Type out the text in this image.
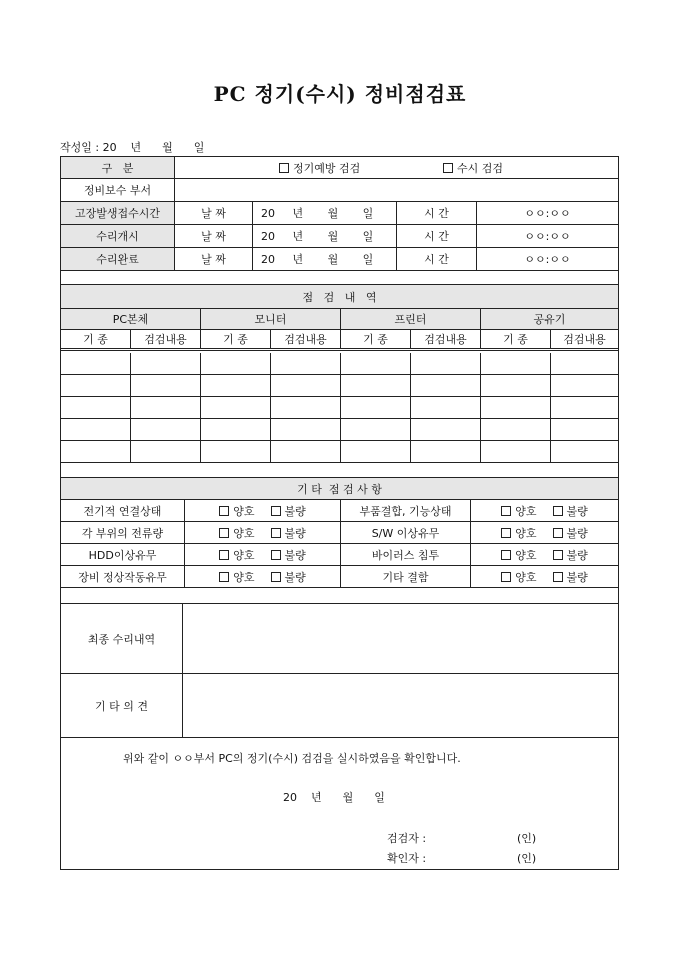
PC 정기(수시) 정비점검표
작성일 : 20    년      월      일
구   분	정기예방 검검	수시 검검
정비보수 부서
고장발생접수시간	날 짜	20     년       월       일	시 간	ㅇㅇ:ㅇㅇ
수리개시	날 짜	20     년       월       일	시 간	ㅇㅇ:ㅇㅇ
수리완료	날 짜	20     년       월       일	시 간	ㅇㅇ:ㅇㅇ
점   검   내   역
PC본체	모니터	프린터	공유기
기 종	검검내용	기 종	검검내용	기 종	검검내용	기 종	검검내용
기 타  점 검 사 항
전기적 연결상태	양호	불량	부품결합, 기능상태	양호	불량
각 부위의 전류량	양호	불량	S/W 이상유무	양호	불량
HDD이상유무	양호	불량	바이러스 침투	양호	불량
장비 정상작동유무	양호	불량	기타 결함	양호	불량
최종 수리내역
기 타 의 견
위와 같이 ㅇㅇ부서 PC의 정기(수시) 검검을 실시하였음을 확인합니다.
20    년      월      일
검검자 :	(인)
확인자 :	(인)
